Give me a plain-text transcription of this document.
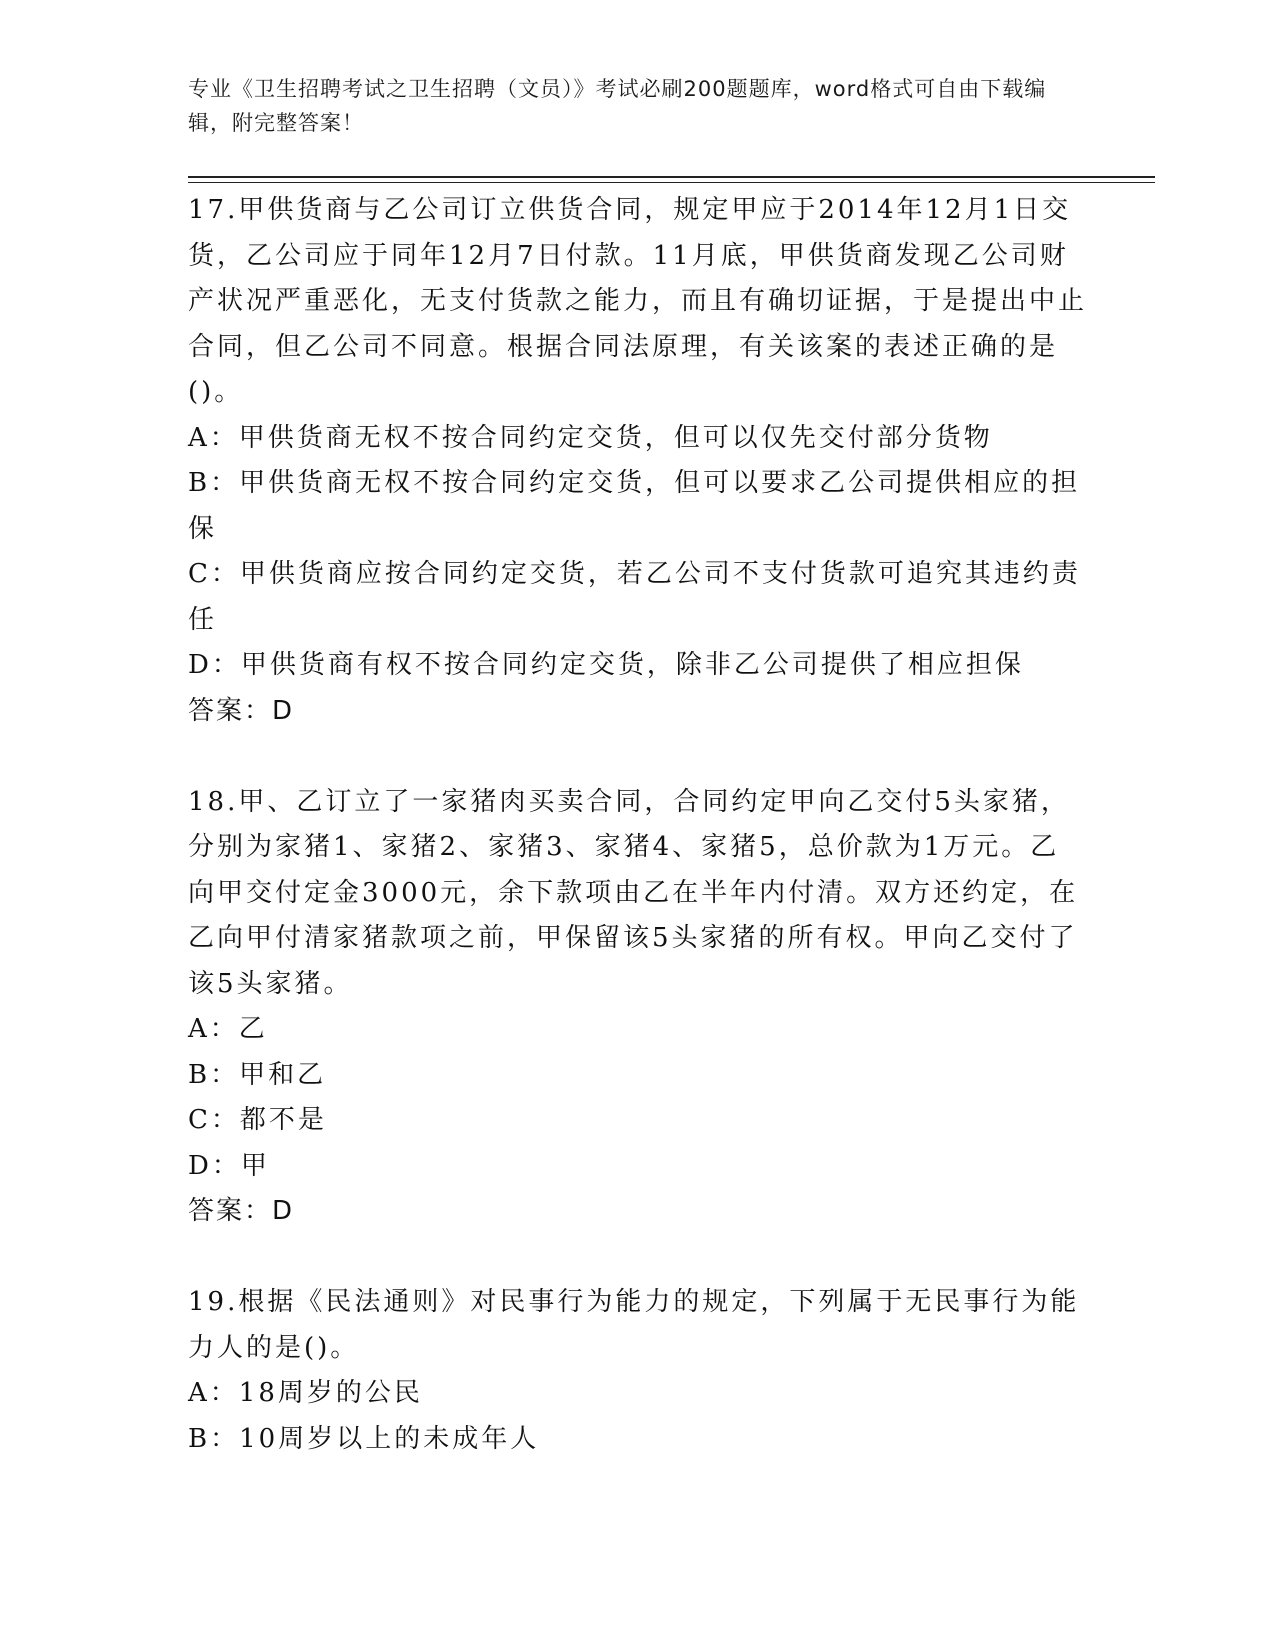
专业《卫生招聘考试之卫生招聘（文员）》考试必刷200题题库，word格式可自由下载编辑，附完整答案！

17.甲供货商与乙公司订立供货合同，规定甲应于2014年12月1日交货，乙公司应于同年12月7日付款。11月底，甲供货商发现乙公司财产状况严重恶化，无支付货款之能力，而且有确切证据，于是提出中止合同，但乙公司不同意。根据合同法原理，有关该案的表述正确的是()。

A：甲供货商无权不按合同约定交货，但可以仅先交付部分货物

B：甲供货商无权不按合同约定交货，但可以要求乙公司提供相应的担保

C：甲供货商应按合同约定交货，若乙公司不支付货款可追究其违约责任

D：甲供货商有权不按合同约定交货，除非乙公司提供了相应担保

答案：D

18.甲、乙订立了一家猪肉买卖合同，合同约定甲向乙交付5头家猪，分别为家猪1、家猪2、家猪3、家猪4、家猪5，总价款为1万元。乙向甲交付定金3000元，余下款项由乙在半年内付清。双方还约定，在乙向甲付清家猪款项之前，甲保留该5头家猪的所有权。甲向乙交付了该5头家猪。

A：乙

B：甲和乙

C：都不是

D：甲

答案：D

19.根据《民法通则》对民事行为能力的规定，下列属于无民事行为能力人的是()。

A：18周岁的公民

B：10周岁以上的未成年人
